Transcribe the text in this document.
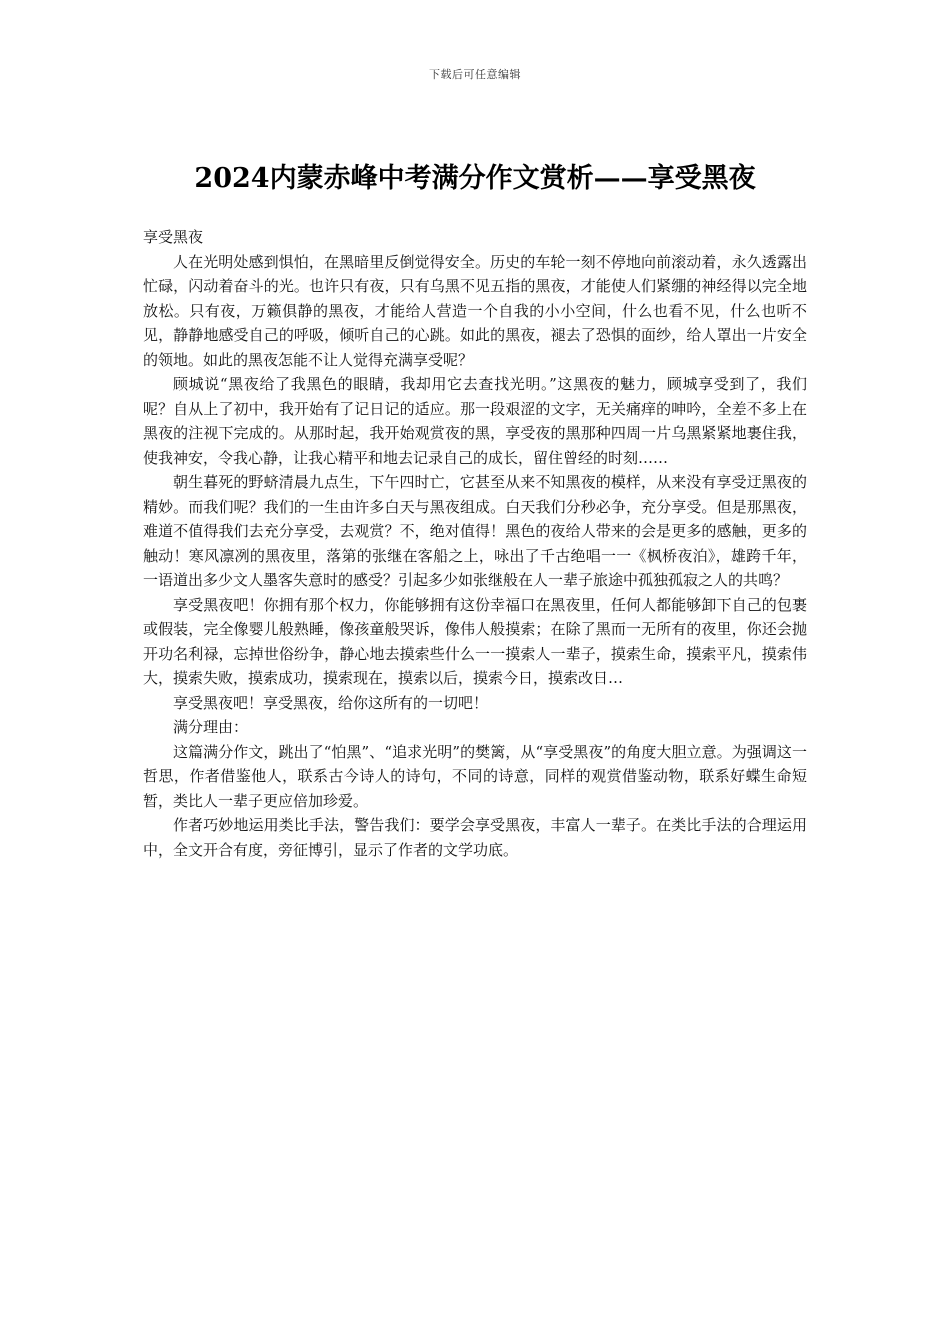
下载后可任意编辑
2024内蒙赤峰中考满分作文赏析——享受黑夜

享受黑夜

人在光明处感到惧怕，在黑暗里反倒觉得安全。历史的车轮一刻不停地向前滚动着，永久透露出忙碌，闪动着奋斗的光。也许只有夜，只有乌黑不见五指的黑夜，才能使人们紧绷的神经得以完全地放松。只有夜，万籁俱静的黑夜，才能给人营造一个自我的小小空间，什么也看不见，什么也听不见，静静地感受自己的呼吸，倾听自己的心跳。如此的黑夜，褪去了恐惧的面纱，给人罩出一片安全的领地。如此的黑夜怎能不让人觉得充满享受呢？

顾城说“黑夜给了我黑色的眼睛，我却用它去查找光明。”这黑夜的魅力，顾城享受到了，我们呢？自从上了初中，我开始有了记日记的适应。那一段艰涩的文字，无关痛痒的呻吟，全差不多上在黑夜的注视下完成的。从那时起，我开始观赏夜的黑，享受夜的黑那种四周一片乌黑紧紧地裹住我，使我神安，令我心静，让我心精平和地去记录自己的成长，留住曾经的时刻……

朝生暮死的野蛴清晨九点生，下午四时亡，它甚至从来不知黑夜的模样，从来没有享受迂黑夜的精妙。而我们呢？我们的一生由许多白天与黑夜组成。白天我们分秒必争，充分享受。但是那黑夜，难道不值得我们去充分享受，去观赏？不，绝对值得！黑色的夜给人带来的会是更多的感触，更多的触动！寒风凛冽的黑夜里，落第的张继在客船之上，咏出了千古绝唱一一《枫桥夜泊》，雄跨千年，一语道出多少文人墨客失意时的感受？引起多少如张继般在人一辈子旅途中孤独孤寂之人的共鸣？

享受黑夜吧！你拥有那个权力，你能够拥有这份幸福口在黑夜里，任何人都能够卸下自己的包裹或假装，完全像婴儿般熟睡，像孩童般哭诉，像伟人般摸索；在除了黑而一无所有的夜里，你还会抛开功名利禄，忘掉世俗纷争，静心地去摸索些什么一一摸索人一辈子，摸索生命，摸索平凡，摸索伟大，摸索失败，摸索成功，摸索现在，摸索以后，摸索今日，摸索改日…

享受黑夜吧！享受黑夜，给你这所有的一切吧！

满分理由：

这篇满分作文，跳出了“怕黑”、“追求光明”的樊篱，从“享受黑夜”的角度大胆立意。为强调这一哲思，作者借鉴他人，联系古今诗人的诗句，不同的诗意，同样的观赏借鉴动物，联系好蝶生命短暂，类比人一辈子更应倍加珍爱。

作者巧妙地运用类比手法，警告我们：要学会享受黑夜，丰富人一辈子。在类比手法的合理运用中，全文开合有度，旁征博引，显示了作者的文学功底。
